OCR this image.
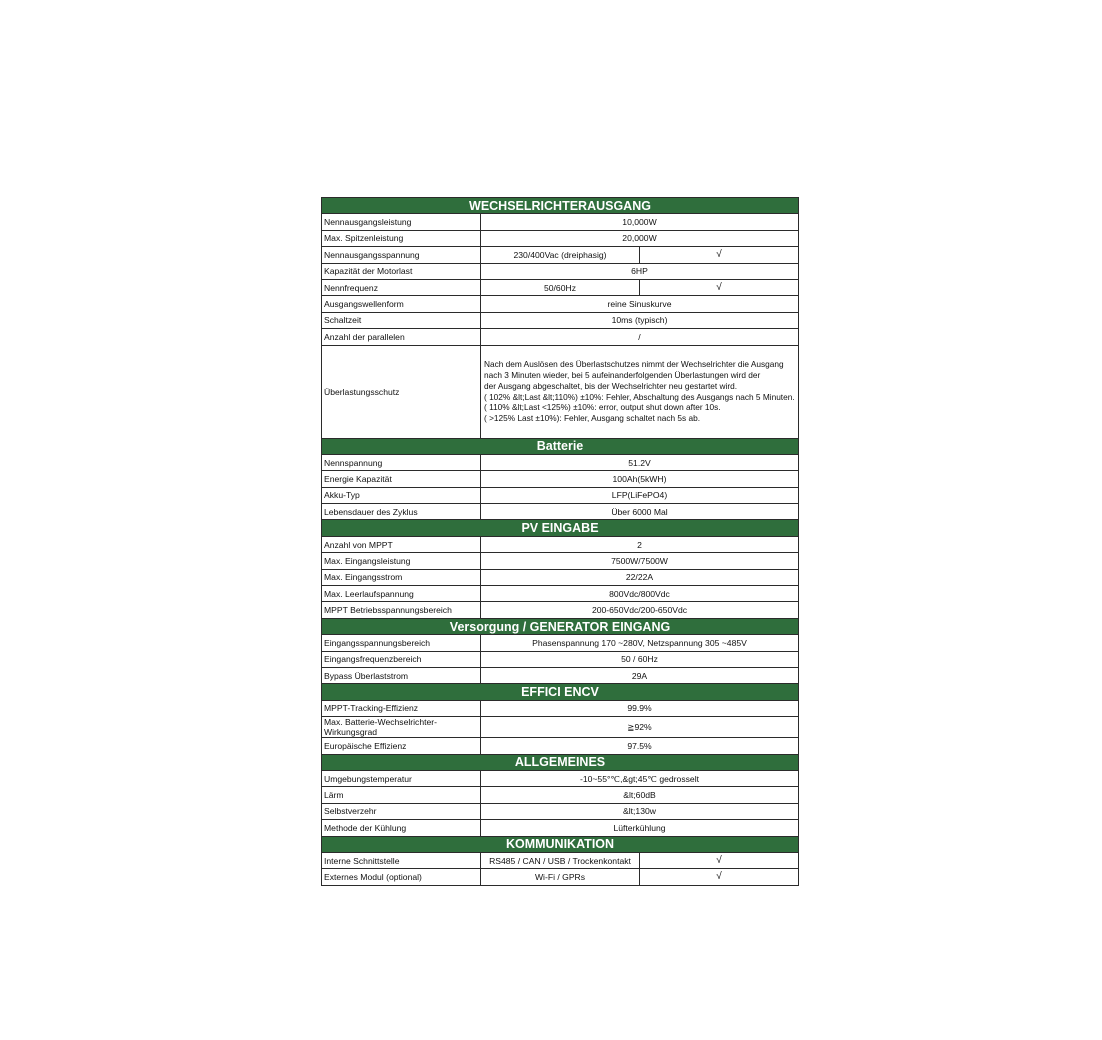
WECHSELRICHTERAUSGANG		
Nennausgangsleistung	10,000W	
Max. Spitzenleistung	20,000W	
Nennausgangsspannung	230/400Vac (dreiphasig)	√
Kapazität der Motorlast	6HP	
Nennfrequenz	50/60Hz	√
Ausgangswellenform	reine Sinuskurve	
Schaltzeit	10ms (typisch)	
Anzahl der parallelen	/	
Überlastungsschutz	Nach dem Auslösen des Überlastschutzes nimmt der Wechselrichter die Ausgang nach 3 Minuten wieder, bei 5 aufeinanderfolgenden Überlastungen wird der
der Ausgang abgeschaltet, bis der Wechselrichter neu gestartet wird.
( 102% &lt;Last &lt;110%) ±10%: Fehler, Abschaltung des Ausgangs nach 5 Minuten.
( 110% &lt;Last <125%) ±10%: error, output shut down after 10s.
( >125% Last ±10%): Fehler, Ausgang schaltet nach 5s ab.	
Batterie		
Nennspannung	51.2V	
Energie Kapazität	100Ah(5kWH)	
Akku-Typ	LFP(LiFePO4)	
Lebensdauer des Zyklus	Über 6000 Mal	
PV EINGABE		
Anzahl von MPPT	2	
Max. Eingangsleistung	7500W/7500W	
Max. Eingangsstrom	22/22A	
Max. Leerlaufspannung	800Vdc/800Vdc	
MPPT Betriebsspannungsbereich	200-650Vdc/200-650Vdc	
Versorgung / GENERATOR EINGANG		
Eingangsspannungsbereich	Phasenspannung 170 ~280V, Netzspannung 305 ~485V	
Eingangsfrequenzbereich	50 / 60Hz	
Bypass Überlaststrom	29A	
EFFICI ENCV		
MPPT-Tracking-Effizienz	99.9%	
Max. Batterie-Wechselrichter-Wirkungsgrad	≧92%	
Europäische Effizienz	97.5%	
ALLGEMEINES		
Umgebungstemperatur	-10~55°℃,&gt;45℃ gedrosselt	
Lärm	&lt;60dB	
Selbstverzehr	&lt;130w	
Methode der Kühlung	Lüfterkühlung	
KOMMUNIKATION		
Interne Schnittstelle	RS485 / CAN / USB / Trockenkontakt	√
Externes Modul (optional)	Wi-Fi / GPRs	√
